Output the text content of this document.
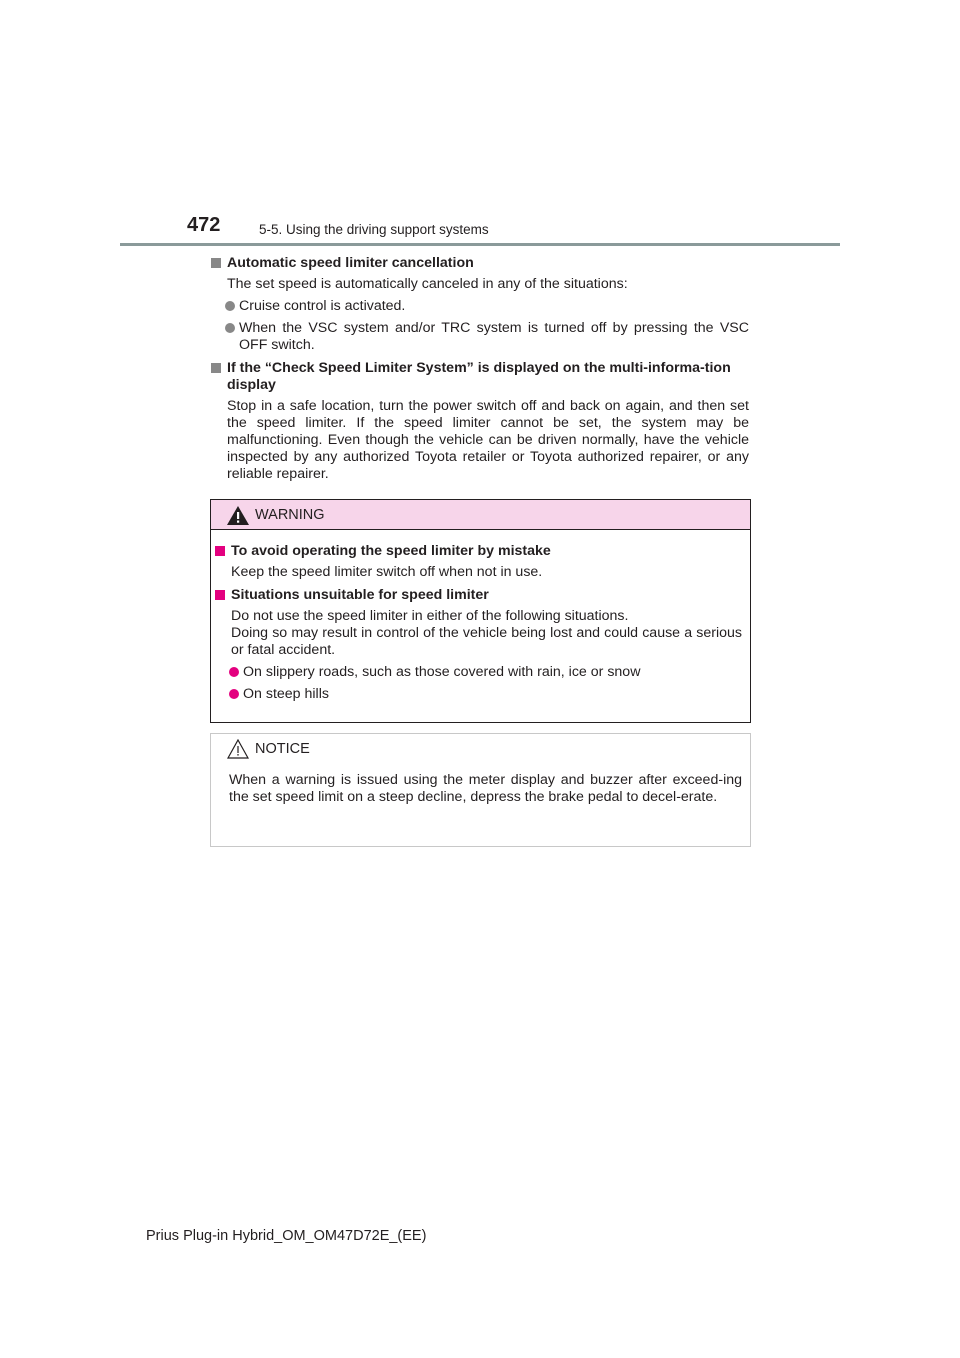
472	5-5. Using the driving support systems
Automatic speed limiter cancellation
The set speed is automatically canceled in any of the situations:
Cruise control is activated.
When the VSC system and/or TRC system is turned off by pressing the VSC OFF switch.
If the “Check Speed Limiter System” is displayed on the multi-informa-tion display
Stop in a safe location, turn the power switch off and back on again, and then set the speed limiter. If the speed limiter cannot be set, the system may be malfunctioning. Even though the vehicle can be driven normally, have the vehicle inspected by any authorized Toyota retailer or Toyota authorized repairer, or any reliable repairer.
WARNING
To avoid operating the speed limiter by mistake
Keep the speed limiter switch off when not in use.
Situations unsuitable for speed limiter
Do not use the speed limiter in either of the following situations.
Doing so may result in control of the vehicle being lost and could cause a serious or fatal accident.
On slippery roads, such as those covered with rain, ice or snow
On steep hills
NOTICE
When a warning is issued using the meter display and buzzer after exceed-ing the set speed limit on a steep decline, depress the brake pedal to decel-erate.
Prius Plug-in Hybrid_OM_OM47D72E_(EE)
